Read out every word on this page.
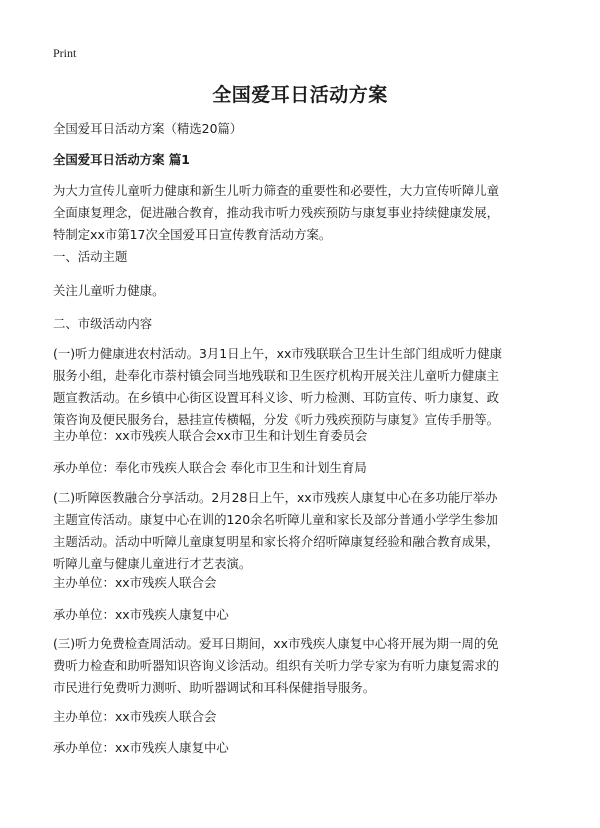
Print
全国爱耳日活动方案
全国爱耳日活动方案（精选20篇）
全国爱耳日活动方案 篇1
为大力宣传儿童听力健康和新生儿听力筛查的重要性和必要性，大力宣传听障儿童
全面康复理念，促进融合教育，推动我市听力残疾预防与康复事业持续健康发展，
特制定xx市第17次全国爱耳日宣传教育活动方案。
一、活动主题
关注儿童听力健康。
二、市级活动内容
(一)听力健康进农村活动。3月1日上午，xx市残联联合卫生计生部门组成听力健康
服务小组，赴奉化市萘村镇会同当地残联和卫生医疗机构开展关注儿童听力健康主
题宣教活动。在乡镇中心街区设置耳科义诊、听力检测、耳防宣传、听力康复、政
策咨询及便民服务台，悬挂宣传横幅，分发《听力残疾预防与康复》宣传手册等。
主办单位：xx市残疾人联合会xx市卫生和计划生育委员会
承办单位：奉化市残疾人联合会 奉化市卫生和计划生育局
(二)听障医教融合分享活动。2月28日上午，xx市残疾人康复中心在多功能厅举办
主题宣传活动。康复中心在训的120余名听障儿童和家长及部分普通小学学生参加
主题活动。活动中听障儿童康复明星和家长将介绍听障康复经验和融合教育成果，
听障儿童与健康儿童进行才艺表演。
主办单位：xx市残疾人联合会
承办单位：xx市残疾人康复中心
(三)听力免费检查周活动。爱耳日期间，xx市残疾人康复中心将开展为期一周的免
费听力检查和助听器知识咨询义诊活动。组织有关听力学专家为有听力康复需求的
市民进行免费听力测听、助听器调试和耳科保健指导服务。
主办单位：xx市残疾人联合会
承办单位：xx市残疾人康复中心
